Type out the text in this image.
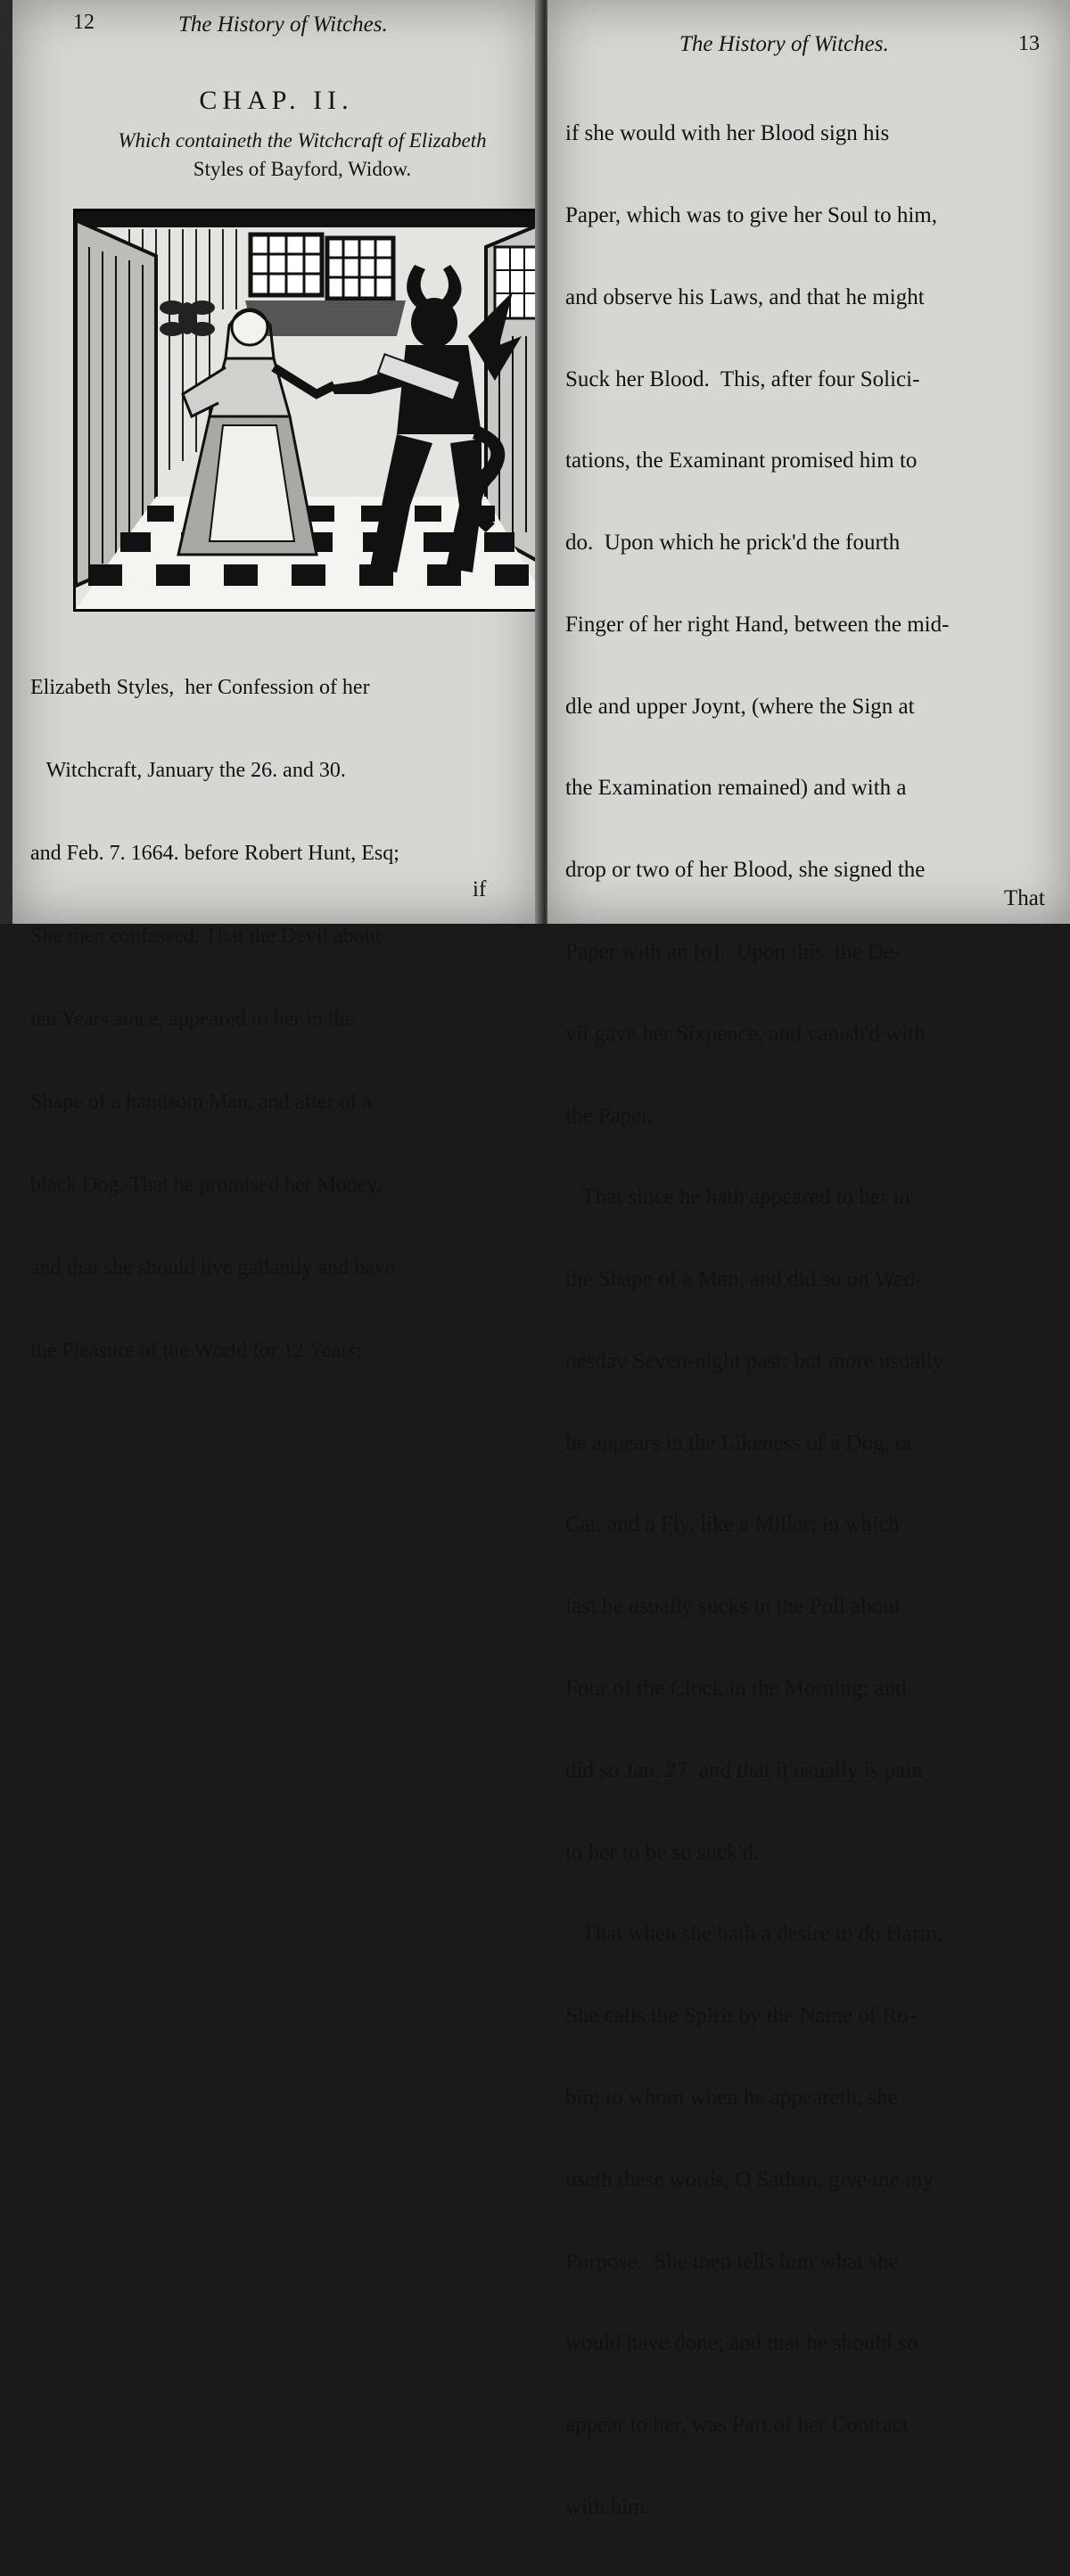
12	The History of Witches.
CHAP. II.
Which containeth the Witchcraft of Elizabeth
Styles of Bayford, Widow.

Elizabeth Styles,  her Confession of her

Witchcraft, January the 26. and 30.

and Feb. 7. 1664. before Robert Hunt, Esq;

She then confessed, That the Devil about

ten Years since, appeared to her in the

Shape of a handsom Man, and after of a

black Dog. That he promised her Money,

and that she should live gallantly and have

the Pleasure of the World for 12 Years;

if
The History of Witches.	13

if she would with her Blood sign his

Paper, which was to give her Soul to him,

and observe his Laws, and that he might

Suck her Blood.  This, after four Solici-

tations, the Examinant promised him to

do.  Upon which he prick'd the fourth

Finger of her right Hand, between the mid-

dle and upper Joynt, (where the Sign at

the Examination remained) and with a

drop or two of her Blood, she signed the

Paper with an [o].  Upon this, the De-

vil gave her Sixpence, and vanish'd with

the Paper.

That since he hath appeared to her in

the Shape of a Man, and did so on Wed-

nesday Seven-night past; but more usually

he appears in the Likeness of a Dog, or

Cat, and a Fly, like a Millar; in which

last he usually sucks in the Poll about

Four of the Clock in the Morning; and

did so Jan. 27. and that it usually is pain

to her to be so suck'd.

That when she hath a desire to do Harm,

She calls the Spirit by the Name of Ro-

bin; to whom when he appeareth, she

useth these words, O Sathan, give me my

Purpose.  She then tells him what she

would have done; and that he should so

appear to her, was Part of her Contract

with him.

That
